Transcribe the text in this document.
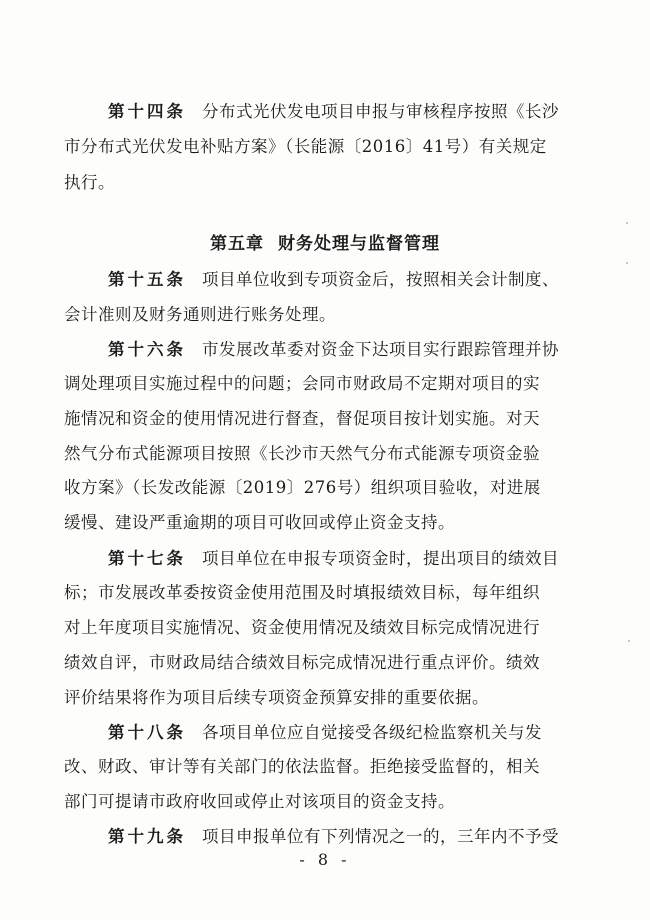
第十四条 分布式光伏发电项目申报与审核程序按照《长沙
市分布式光伏发电补贴方案》（长能源〔2016〕41号）有关规定
执行。
第五章 财务处理与监督管理
第十五条 项目单位收到专项资金后，按照相关会计制度、
会计准则及财务通则进行账务处理。
第十六条 市发展改革委对资金下达项目实行跟踪管理并协
调处理项目实施过程中的问题；会同市财政局不定期对项目的实
施情况和资金的使用情况进行督查，督促项目按计划实施。对天
然气分布式能源项目按照《长沙市天然气分布式能源专项资金验
收方案》（长发改能源〔2019〕276号）组织项目验收，对进展
缓慢、建设严重逾期的项目可收回或停止资金支持。
第十七条 项目单位在申报专项资金时，提出项目的绩效目
标；市发展改革委按资金使用范围及时填报绩效目标，每年组织
对上年度项目实施情况、资金使用情况及绩效目标完成情况进行
绩效自评，市财政局结合绩效目标完成情况进行重点评价。绩效
评价结果将作为项目后续专项资金预算安排的重要依据。
第十八条 各项目单位应自觉接受各级纪检监察机关与发
改、财政、审计等有关部门的依法监督。拒绝接受监督的，相关
部门可提请市政府收回或停止对该项目的资金支持。
第十九条 项目申报单位有下列情况之一的，三年内不予受
- 8 -
